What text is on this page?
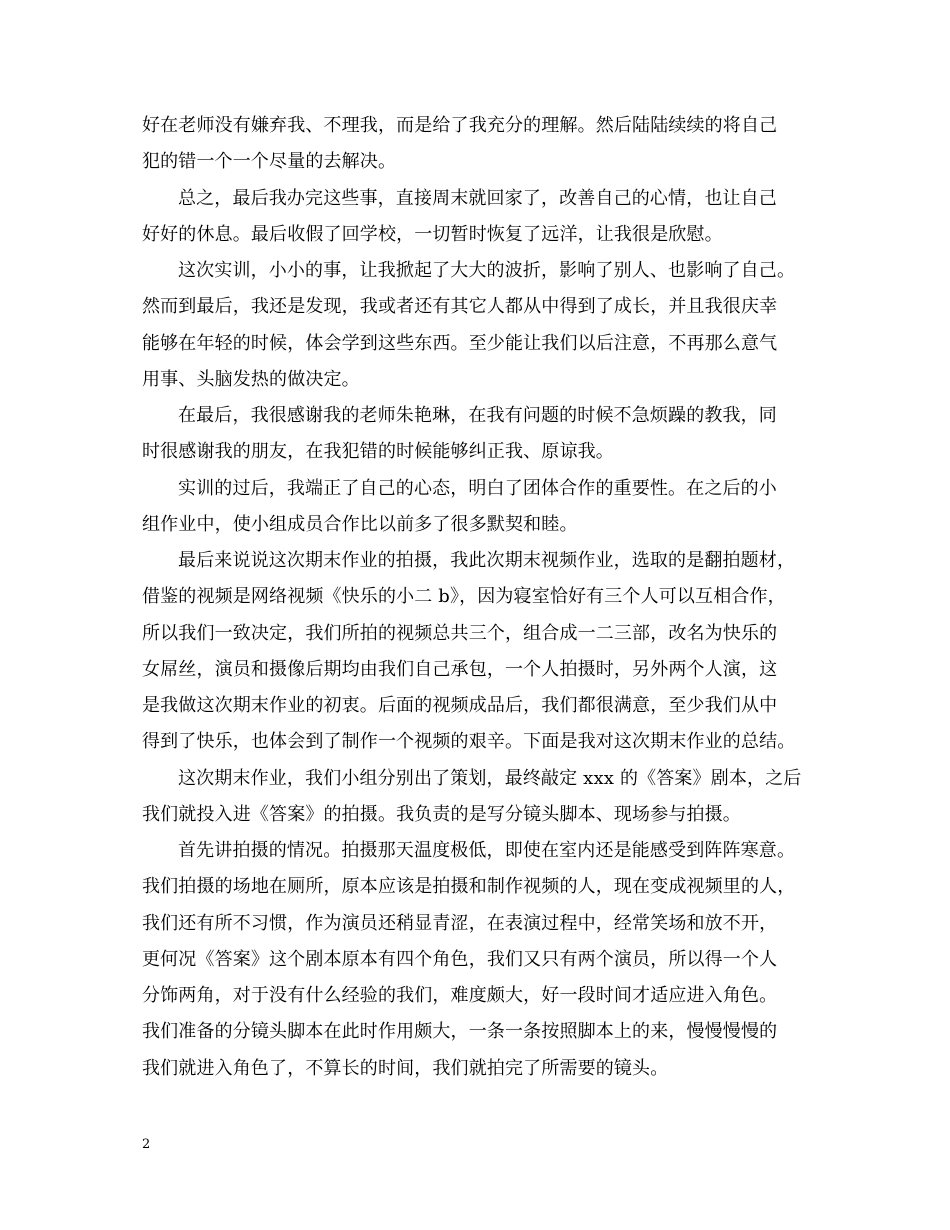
好在老师没有嫌弃我、不理我，而是给了我充分的理解。然后陆陆续续的将自己
犯的错一个一个尽量的去解决。
总之，最后我办完这些事，直接周末就回家了，改善自己的心情，也让自己
好好的休息。最后收假了回学校，一切暂时恢复了远洋，让我很是欣慰。
这次实训，小小的事，让我掀起了大大的波折，影响了别人、也影响了自己。
然而到最后，我还是发现，我或者还有其它人都从中得到了成长，并且我很庆幸
能够在年轻的时候，体会学到这些东西。至少能让我们以后注意，不再那么意气
用事、头脑发热的做决定。
在最后，我很感谢我的老师朱艳琳，在我有问题的时候不急烦躁的教我，同
时很感谢我的朋友，在我犯错的时候能够纠正我、原谅我。
实训的过后，我端正了自己的心态，明白了团体合作的重要性。在之后的小
组作业中，使小组成员合作比以前多了很多默契和睦。
最后来说说这次期末作业的拍摄，我此次期末视频作业，选取的是翻拍题材，
借鉴的视频是网络视频《快乐的小二 b》，因为寝室恰好有三个人可以互相合作，
所以我们一致决定，我们所拍的视频总共三个，组合成一二三部，改名为快乐的
女屌丝，演员和摄像后期均由我们自己承包，一个人拍摄时，另外两个人演，这
是我做这次期末作业的初衷。后面的视频成品后，我们都很满意，至少我们从中
得到了快乐，也体会到了制作一个视频的艰辛。下面是我对这次期末作业的总结。
这次期末作业，我们小组分别出了策划，最终敲定 xxx 的《答案》剧本，之后
我们就投入进《答案》的拍摄。我负责的是写分镜头脚本、现场参与拍摄。
首先讲拍摄的情况。拍摄那天温度极低，即使在室内还是能感受到阵阵寒意。
我们拍摄的场地在厕所，原本应该是拍摄和制作视频的人，现在变成视频里的人，
我们还有所不习惯，作为演员还稍显青涩，在表演过程中，经常笑场和放不开，
更何况《答案》这个剧本原本有四个角色，我们又只有两个演员，所以得一个人
分饰两角，对于没有什么经验的我们，难度颇大，好一段时间才适应进入角色。
我们准备的分镜头脚本在此时作用颇大，一条一条按照脚本上的来，慢慢慢慢的
我们就进入角色了，不算长的时间，我们就拍完了所需要的镜头。
2
